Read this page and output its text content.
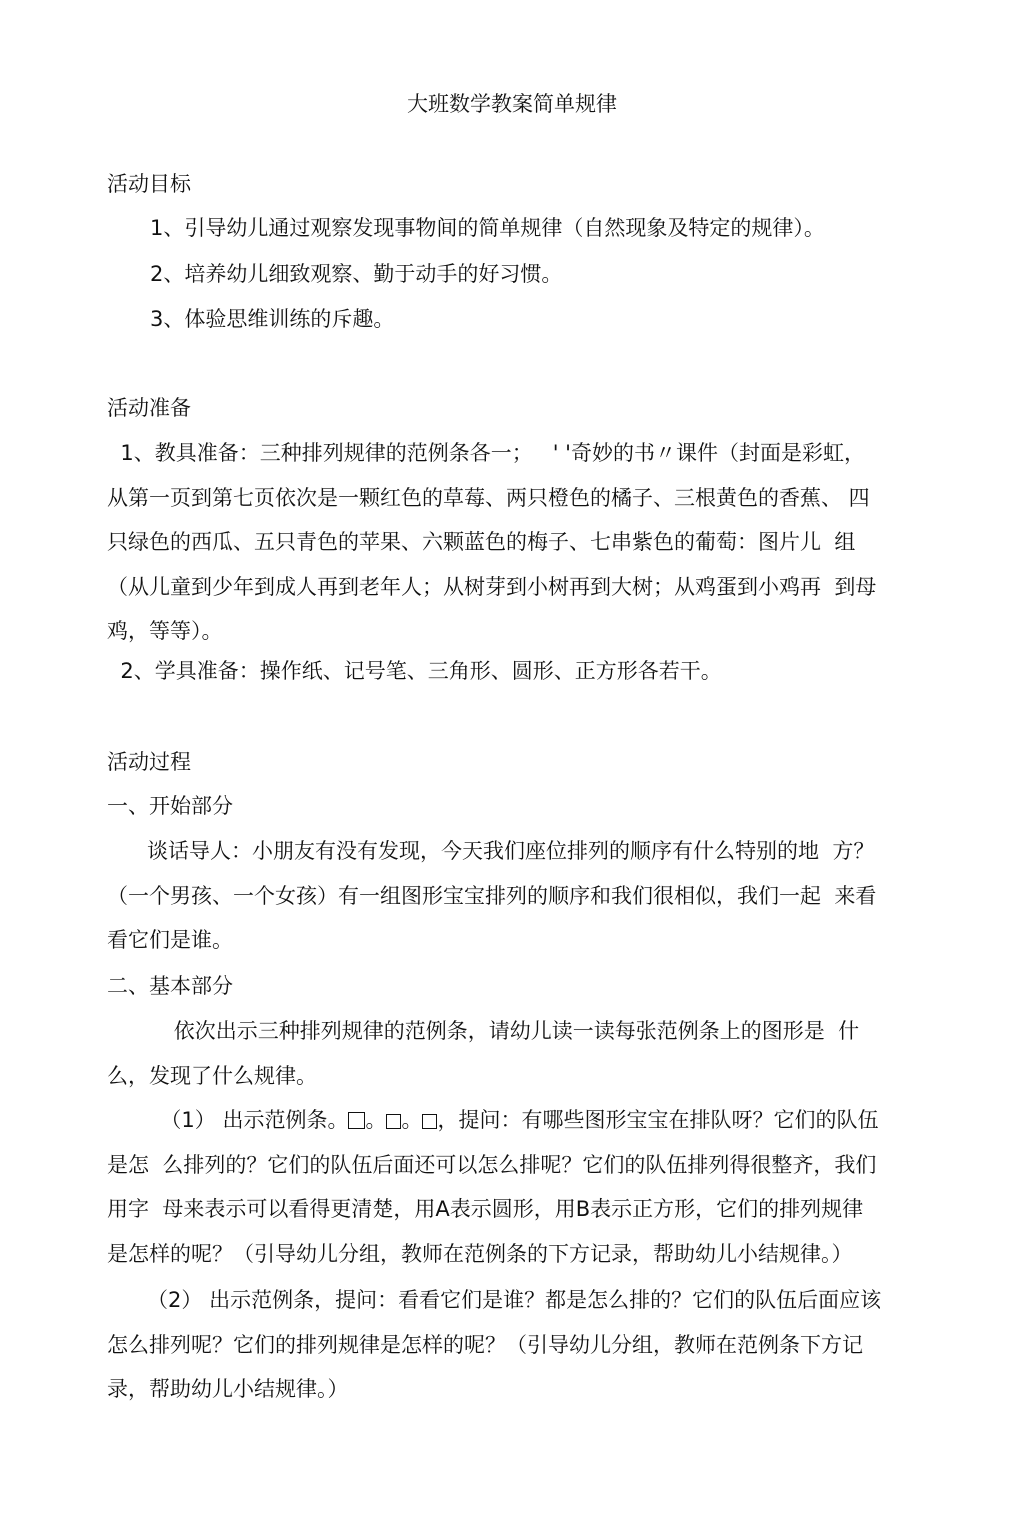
大班数学教案简单规律
活动目标
1、引导幼儿通过观察发现事物间的简单规律（自然现象及特定的规律）。
2、培养幼儿细致观察、勤于动手的好习惯。
3、体验思维训练的斥趣。
活动准备
1、教具准备：三种排列规律的范例条各一；   ' '奇妙的书〃课件（封面是彩虹，
从第一页到第七页依次是一颗红色的草莓、两只橙色的橘子、三根黄色的香蕉、 四
只绿色的西瓜、五只青色的苹果、六颗蓝色的梅子、七串紫色的葡萄：图片儿  组
（从儿童到少年到成人再到老年人；从树芽到小树再到大树；从鸡蛋到小鸡再  到母
鸡，等等）。
2、学具准备：操作纸、记号笔、三角形、圆形、正方形各若干。
活动过程
一、开始部分
谈话导人：小朋友有没有发现，今天我们座位排列的顺序有什么特别的地  方？
（一个男孩、一个女孩）有一组图形宝宝排列的顺序和我们很相似，我们一起  来看
看它们是谁。
二、基本部分
依次出示三种排列规律的范例条，请幼儿读一读每张范例条上的图形是  什
么，发现了什么规律。
（1） 出示范例条。 。 。 ，提问：有哪些图形宝宝在排队呀？它们的队伍
是怎  么排列的？它们的队伍后面还可以怎么排呢？它们的队伍排列得很整齐，我们
用字  母来表示可以看得更清楚，用A表示圆形，用B表示正方形，它们的排列规律
是怎样的呢？（引导幼儿分组，教师在范例条的下方记录，帮助幼儿小结规律。）
（2） 出示范例条，提问：看看它们是谁？都是怎么排的？它们的队伍后面应该
怎么排列呢？它们的排列规律是怎样的呢？（引导幼儿分组，教师在范例条下方记
录，帮助幼儿小结规律。）
